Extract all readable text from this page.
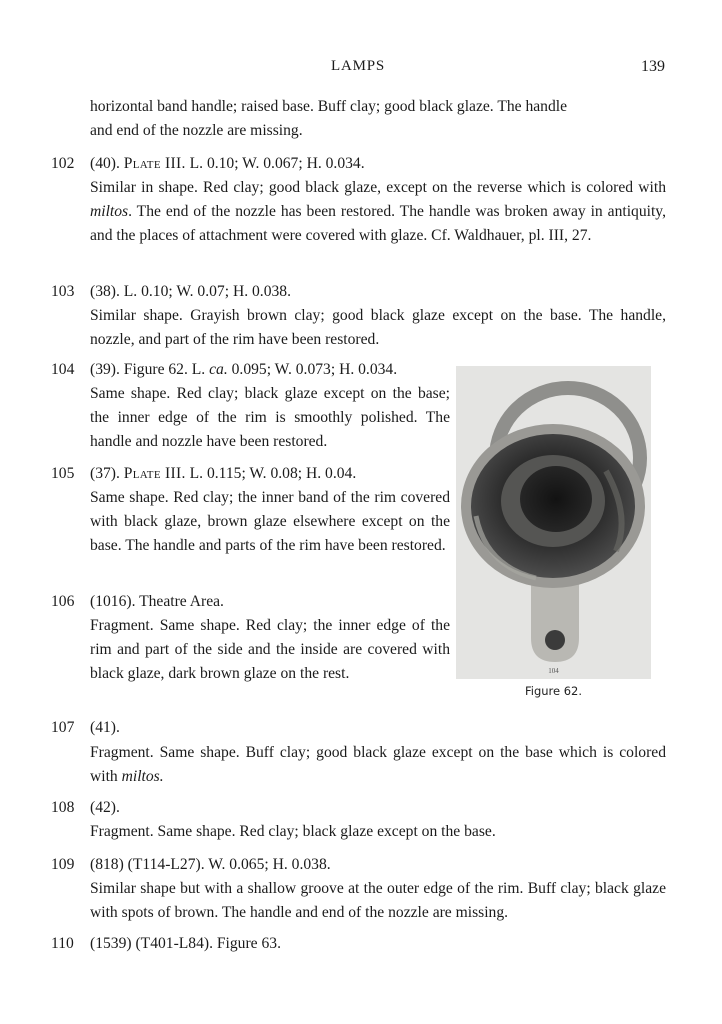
LAMPS	139
horizontal band handle; raised base. Buff clay; good black glaze. The handle
and end of the nozzle are missing.
102 (40). Plate III. L. 0.10; W. 0.067; H. 0.034.

Similar in shape. Red clay; good black glaze, except on the reverse which is colored with miltos. The end of the nozzle has been restored. The handle was broken away in antiquity, and the places of attachment were covered with glaze. Cf. Waldhauer, pl. III, 27.

103 (38). L. 0.10; W. 0.07; H. 0.038.

Similar shape. Grayish brown clay; good black glaze except on the base. The handle, nozzle, and part of the rim have been restored.

104 (39). Figure 62. L. ca. 0.095; W. 0.073; H. 0.034.

Same shape. Red clay; black glaze except on the base; the inner edge of the rim is smoothly polished. The handle and nozzle have been restored.

105 (37). Plate III. L. 0.115; W. 0.08; H. 0.04.

Same shape. Red clay; the inner band of the rim covered with black glaze, brown glaze elsewhere except on the base. The handle and parts of the rim have been restored.

106 (1016). Theatre Area.

Fragment. Same shape. Red clay; the inner edge of the rim and part of the side and the inside are covered with black glaze, dark brown glaze on the rest.	104
Figure 62.
107 (41).

Fragment. Same shape. Buff clay; good black glaze except on the base which is colored with miltos.

108 (42).

Fragment. Same shape. Red clay; black glaze except on the base.

109 (818) (T114-L27). W. 0.065; H. 0.038.

Similar shape but with a shallow groove at the outer edge of the rim. Buff clay; black glaze with spots of brown. The handle and end of the nozzle are missing.

110 (1539) (T401-L84). Figure 63.
